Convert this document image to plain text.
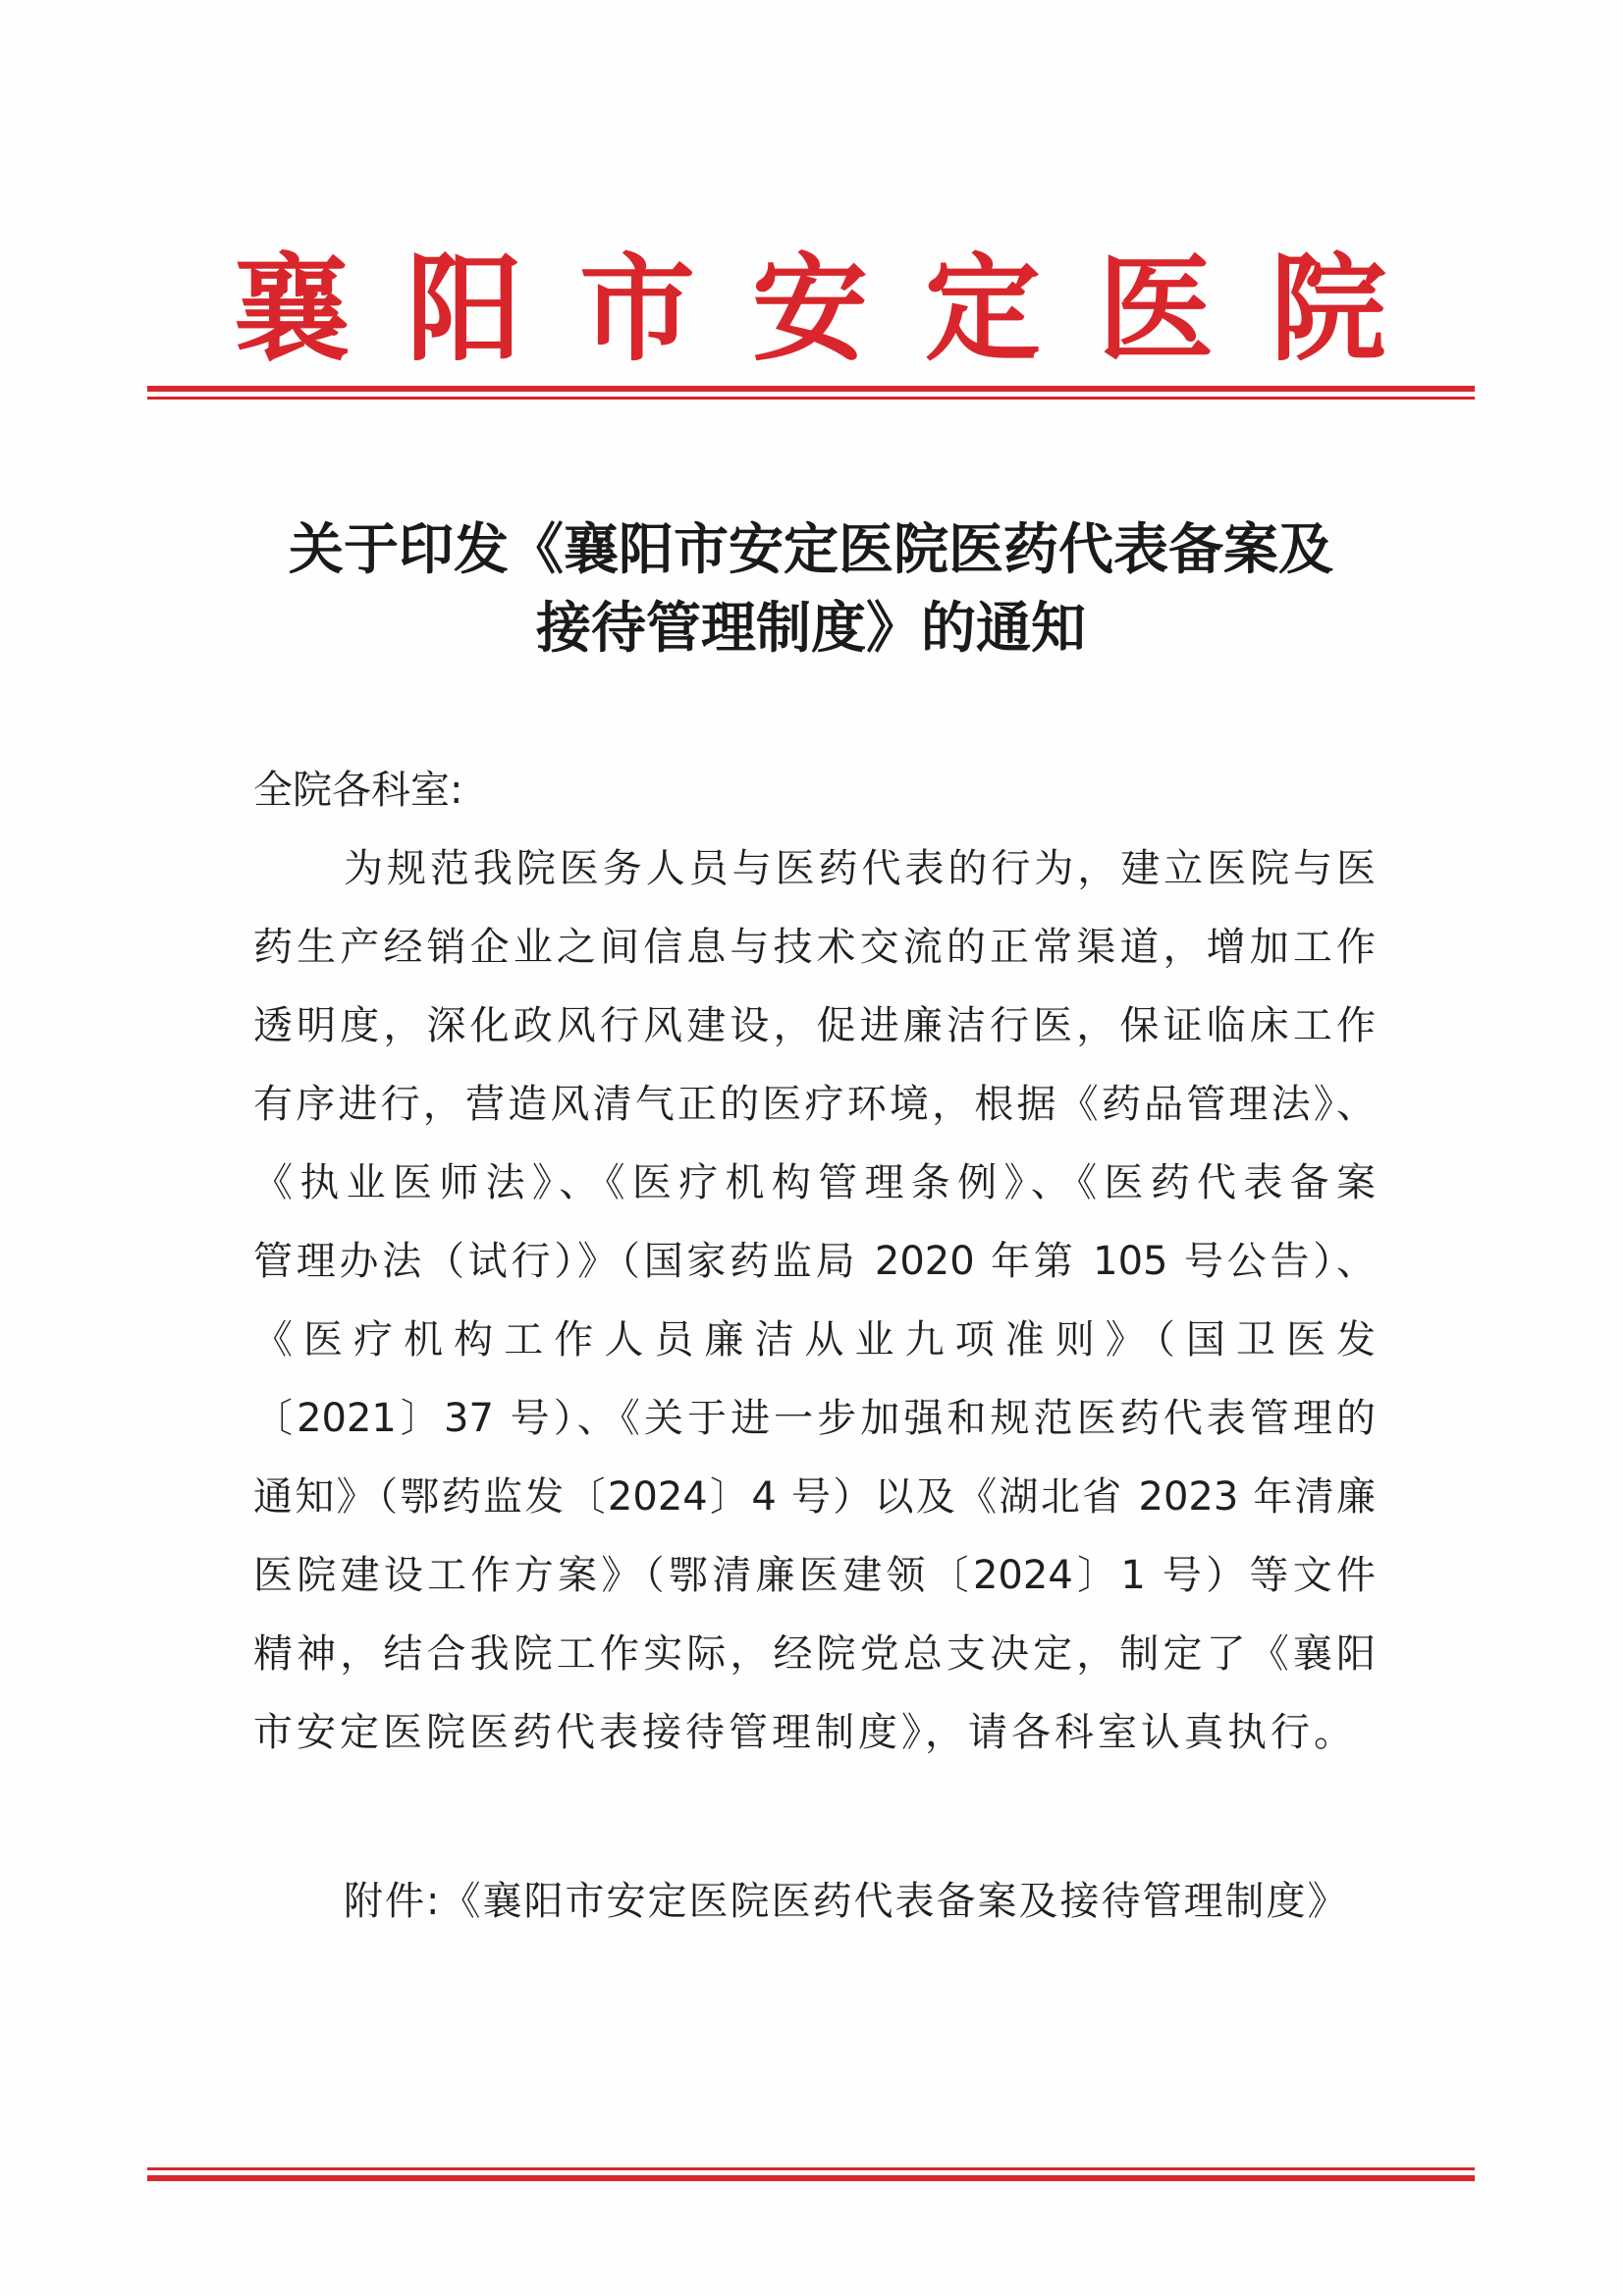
襄阳市安定医院
关于印发《襄阳市安定医院医药代表备案及
接待管理制度》的通知
全院各科室:
为规范我院医务人员与医药代表的行为，建立医院与医
药生产经销企业之间信息与技术交流的正常渠道，增加工作
透明度，深化政风行风建设，促进廉洁行医，保证临床工作
有序进行，营造风清气正的医疗环境，根据《药品管理法》、
《执业医师法》、《医疗机构管理条例》、《医药代表备案
管理办法（试行）》（国家药监局 2020 年第 105 号公告）、
《医疗机构工作人员廉洁从业九项准则》（国卫医发
〔2021〕37 号）、《关于进一步加强和规范医药代表管理的
通知》（鄂药监发〔2024〕4 号）以及《湖北省 2023 年清廉
医院建设工作方案》（鄂清廉医建领〔2024〕1 号）等文件
精神，结合我院工作实际，经院党总支决定，制定了《襄阳
市安定医院医药代表接待管理制度》，请各科室认真执行。
附件:《襄阳市安定医院医药代表备案及接待管理制度》
